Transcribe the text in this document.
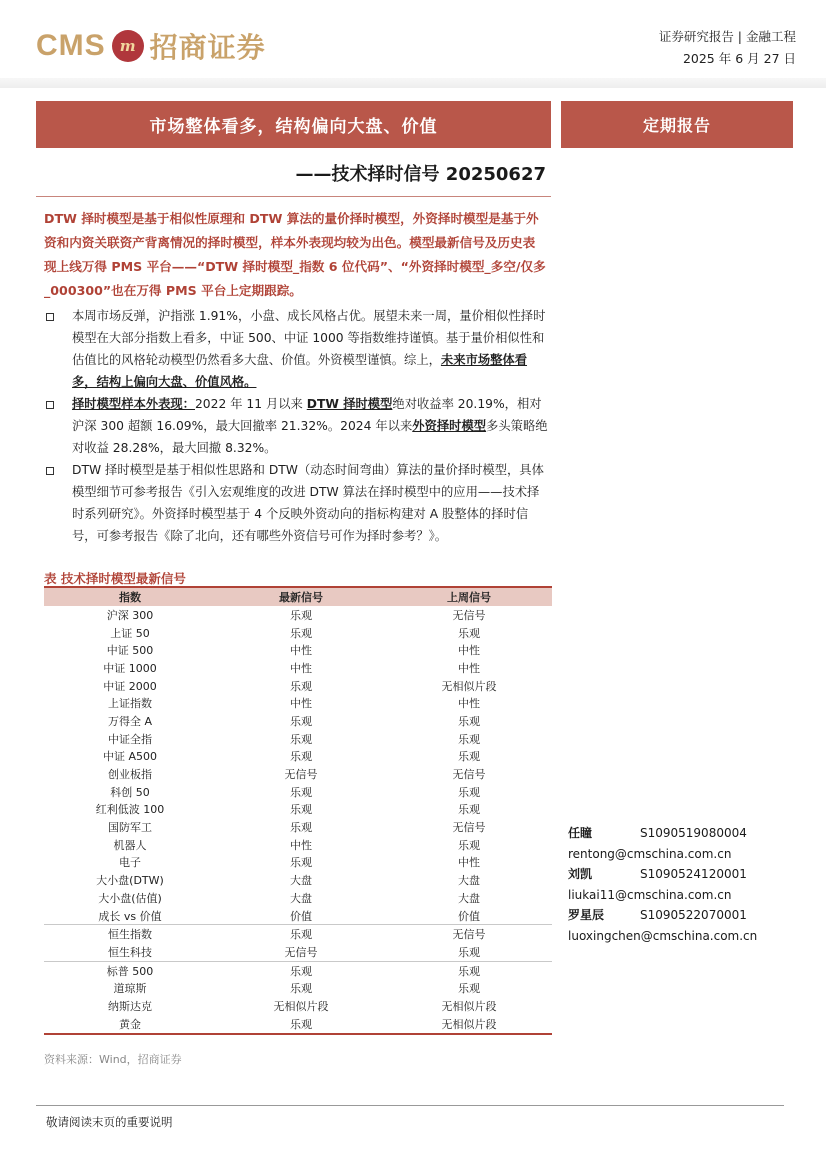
CMS m 招商证券	证券研究报告 | 金融工程
2025 年 6 月 27 日
市场整体看多，结构偏向大盘、价值	定期报告
——技术择时信号 20250627
DTW 择时模型是基于相似性原理和 DTW 算法的量价择时模型，外资择时模型是基于外资和内资关联资产背离情况的择时模型，样本外表现均较为出色。模型最新信号及历史表现上线万得 PMS 平台——“DTW 择时模型_指数 6 位代码”、“外资择时模型_多空/仅多_000300”也在万得 PMS 平台上定期跟踪。
本周市场反弹，沪指涨 1.91%，小盘、成长风格占优。展望未来一周，量价相似性择时模型在大部分指数上看多，中证 500、中证 1000 等指数维持谨慎。基于量价相似性和估值比的风格轮动模型仍然看多大盘、价值。外资模型谨慎。综上，未来市场整体看多，结构上偏向大盘、价值风格。
择时模型样本外表现：2022 年 11 月以来 DTW 择时模型绝对收益率 20.19%，相对沪深 300 超额 16.09%，最大回撤率 21.32%。2024 年以来外资择时模型多头策略绝对收益 28.28%，最大回撤 8.32%。
DTW 择时模型是基于相似性思路和 DTW（动态时间弯曲）算法的量价择时模型，具体模型细节可参考报告《引入宏观维度的改进 DTW 算法在择时模型中的应用——技术择时系列研究》。外资择时模型基于 4 个反映外资动向的指标构建对 A 股整体的择时信号，可参考报告《除了北向，还有哪些外资信号可作为择时参考？》。
表 技术择时模型最新信号
指数	最新信号	上周信号
沪深 300	乐观	无信号
上证 50	乐观	乐观
中证 500	中性	中性
中证 1000	中性	中性
中证 2000	乐观	无相似片段
上证指数	中性	中性
万得全 A	乐观	乐观
中证全指	乐观	乐观
中证 A500	乐观	乐观
创业板指	无信号	无信号
科创 50	乐观	乐观
红利低波 100	乐观	乐观
国防军工	乐观	无信号
机器人	中性	乐观
电子	乐观	中性
大小盘(DTW)	大盘	大盘
大小盘(估值)	大盘	大盘
成长 vs 价值	价值	价值
恒生指数	乐观	无信号
恒生科技	无信号	乐观
标普 500	乐观	乐观
道琼斯	乐观	乐观
纳斯达克	无相似片段	无相似片段
黄金	乐观	无相似片段
资料来源：Wind，招商证券
任瞳	S1090519080004
rentong@cmschina.com.cn
刘凯	S1090524120001
liukai11@cmschina.com.cn
罗星辰	S1090522070001
luoxingchen@cmschina.com.cn
敬请阅读末页的重要说明
